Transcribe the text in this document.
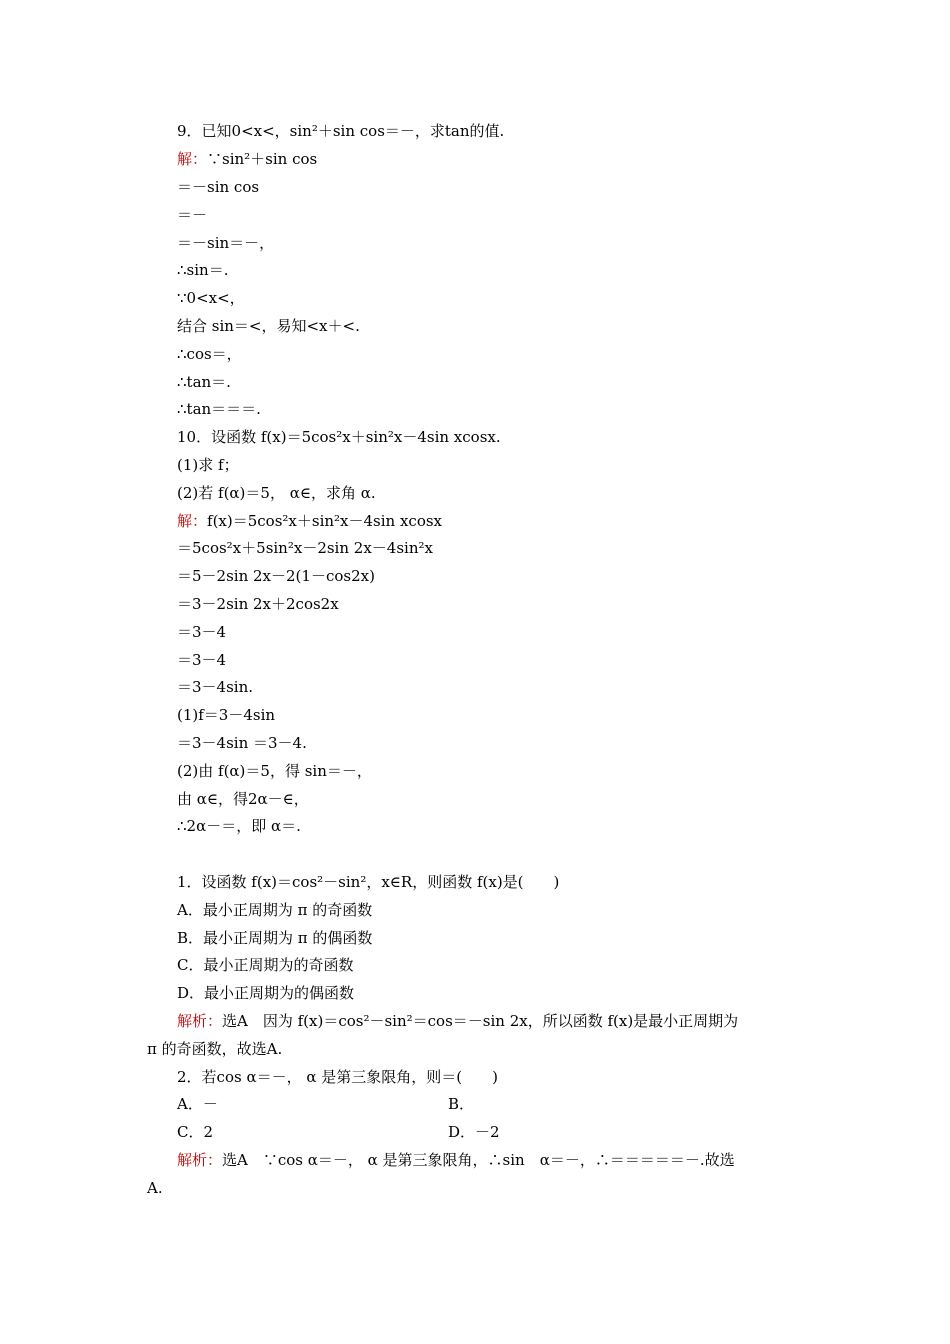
9．已知0<x<，sin²＋sin cos＝－，求tan的值.
解：∵sin²＋sin cos
＝－sin cos
＝－
＝－sin＝－，
∴sin＝.
∵0<x<，
结合 sin＝<，易知<x＋<.
∴cos＝，
∴tan＝.
∴tan＝＝＝.
10．设函数 f(x)＝5cos²x＋sin²x－4sin xcosx.
(1)求 f；
(2)若 f(α)＝5， α∈，求角 α.
解：f(x)＝5cos²x＋sin²x－4sin xcosx
＝5cos²x＋5sin²x－2sin 2x－4sin²x
＝5－2sin 2x－2(1－cos2x)
＝3－2sin 2x＋2cos2x
＝3－4
＝3－4
＝3－4sin.
(1)f＝3－4sin
＝3－4sin ＝3－4.
(2)由 f(α)＝5，得 sin＝－，
由 α∈，得2α－∈，
∴2α－＝，即 α＝.
1．设函数 f(x)＝cos²－sin²，x∈R，则函数 f(x)是(　　)
A．最小正周期为 π 的奇函数
B．最小正周期为 π 的偶函数
C．最小正周期为的奇函数
D．最小正周期为的偶函数
解析：选A　因为 f(x)＝cos²－sin²＝cos＝－sin 2x，所以函数 f(x)是最小正周期为
π 的奇函数，故选A.
2．若cos α＝－， α 是第三象限角，则＝(　　)
A．－	B．
C．2	D．－2
解析：选A　∵cos α＝－， α 是第三象限角，∴sin　α＝－，∴＝＝＝＝＝－.故选
A.
